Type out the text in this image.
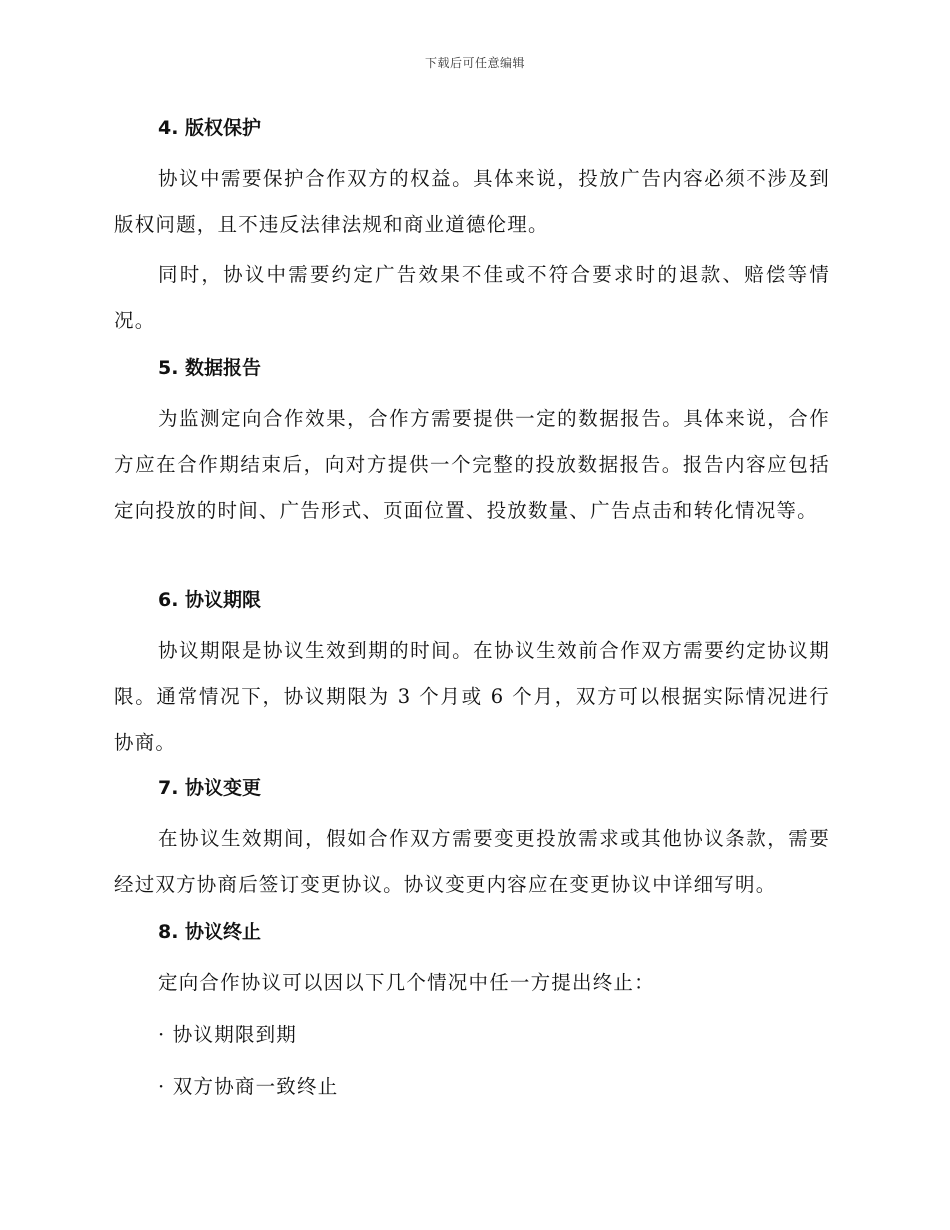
下载后可任意编辑
4. 版权保护

协议中需要保护合作双方的权益。具体来说，投放广告内容必须不涉及到版权问题，且不违反法律法规和商业道德伦理。

同时，协议中需要约定广告效果不佳或不符合要求时的退款、赔偿等情况。

5. 数据报告

为监测定向合作效果，合作方需要提供一定的数据报告。具体来说，合作方应在合作期结束后，向对方提供一个完整的投放数据报告。报告内容应包括定向投放的时间、广告形式、页面位置、投放数量、广告点击和转化情况等。

6. 协议期限

协议期限是协议生效到期的时间。在协议生效前合作双方需要约定协议期限。通常情况下，协议期限为 3 个月或 6 个月，双方可以根据实际情况进行协商。

7. 协议变更

在协议生效期间，假如合作双方需要变更投放需求或其他协议条款，需要经过双方协商后签订变更协议。协议变更内容应在变更协议中详细写明。

8. 协议终止

定向合作协议可以因以下几个情况中任一方提出终止：

· 协议期限到期
· 双方协商一致终止
